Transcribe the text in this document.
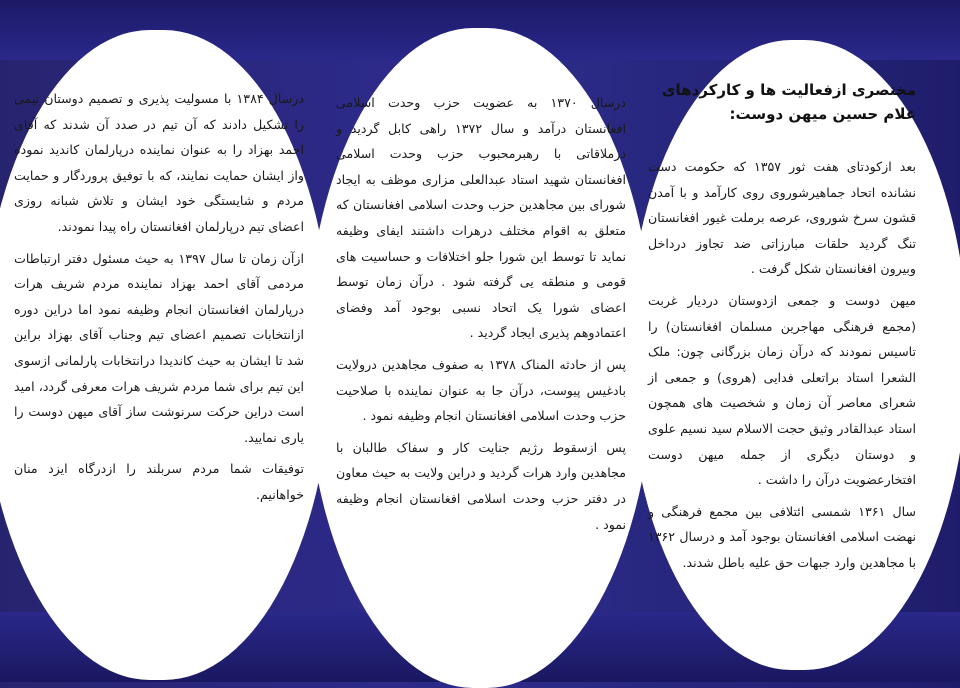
مختصری ازفعالیت ها و کارکردهای
غلام حسین میهن دوست:

بعد ازکودتای هفت ثور ۱۳۵۷ که حکومت دست نشانده اتحاد جماهیرشوروی روی کارآمد و با آمدن قشون سرخ شوروی، عرصه برملت غیور افغانستان تنگ گردید حلقات مبارزاتی ضد تجاوز درداخل وبیرون افغانستان شکل گرفت .

میهن دوست و جمعی ازدوستان دردیار غربت (مجمع فرهنگی مهاجرین مسلمان افغانستان) را تاسیس نمودند که درآن زمان بزرگانی چون: ملک الشعرا استاد براتعلی فدایی (هروی) و جمعی از شعرای معاصر آن زمان و شخصیت های همچون استاد عبدالقادر وثیق حجت الاسلام سید نسیم علوی و دوستان دیگری از جمله میهن دوست افتخارعضویت درآن را داشت .

سال ۱۳۶۱ شمسی ائتلافی بین مجمع فرهنگی و نهضت اسلامی افغانستان بوجود آمد و درسال ۱۳۶۲ با مجاهدین وارد جبهات حق علیه باطل شدند.

درسال ۱۳۷۰ به عضویت حزب وحدت اسلامی افغانستان درآمد و سال ۱۳۷۲ راهی کابل گردید و درملاقاتی با رهبرمحبوب حزب وحدت اسلامی افغانستان شهید استاد عبدالعلی مزاری موظف به ایجاد شورای بین مجاهدین حزب وحدت اسلامی افغانستان که متعلق به اقوام مختلف درهرات داشتند ایفای وظیفه نماید تا توسط این شورا جلو اختلافات و حساسیت های قومی و منطقه یی گرفته شود . درآن زمان توسط اعضای شورا یک اتحاد نسبی بوجود آمد وفضای اعتمادوهم پذیری ایجاد گردید .

پس از حادثه المناک ۱۳۷۸ به صفوف مجاهدین درولایت بادغیس پیوست، درآن جا به عنوان نماینده با صلاحیت حزب وحدت اسلامی افغانستان انجام وظیفه نمود .

پس ازسقوط رژیم جنایت کار و سفاک طالبان با مجاهدین وارد هرات گردید و دراین ولایت به حیث معاون در دفتر حزب وحدت اسلامی افغانستان انجام وظیفه نمود .

درسال ۱۳۸۴ با مسولیت پذیری و تصمیم دوستان تیمی را تشکیل دادند که آن تیم در صدد آن شدند که آقای احمد بهزاد را به عنوان نماینده درپارلمان کاندید نموده واز ایشان حمایت نمایند، که با توفیق پروردگار و حمایت مردم و شایستگی خود ایشان و تلاش شبانه روزی اعضای تیم درپارلمان افغانستان راه پیدا نمودند.

ازآن زمان تا سال ۱۳۹۷ به حیث مسئول دفتر ارتباطات مردمی آقای احمد بهزاد نماینده مردم شریف هرات درپارلمان افغانستان انجام وظیفه نمود اما دراین دوره ازانتخابات تصمیم اعضای تیم وجناب آقای بهزاد براین شد تا ایشان به حیث کاندیدا درانتخابات پارلمانی ازسوی این تیم برای شما مردم شریف هرات معرفی گردد، امید است دراین حرکت سرنوشت ساز آقای میهن دوست را یاری نمایید.

توفیقات شما مردم سربلند را ازدرگاه ایزد منان خواهانیم.
